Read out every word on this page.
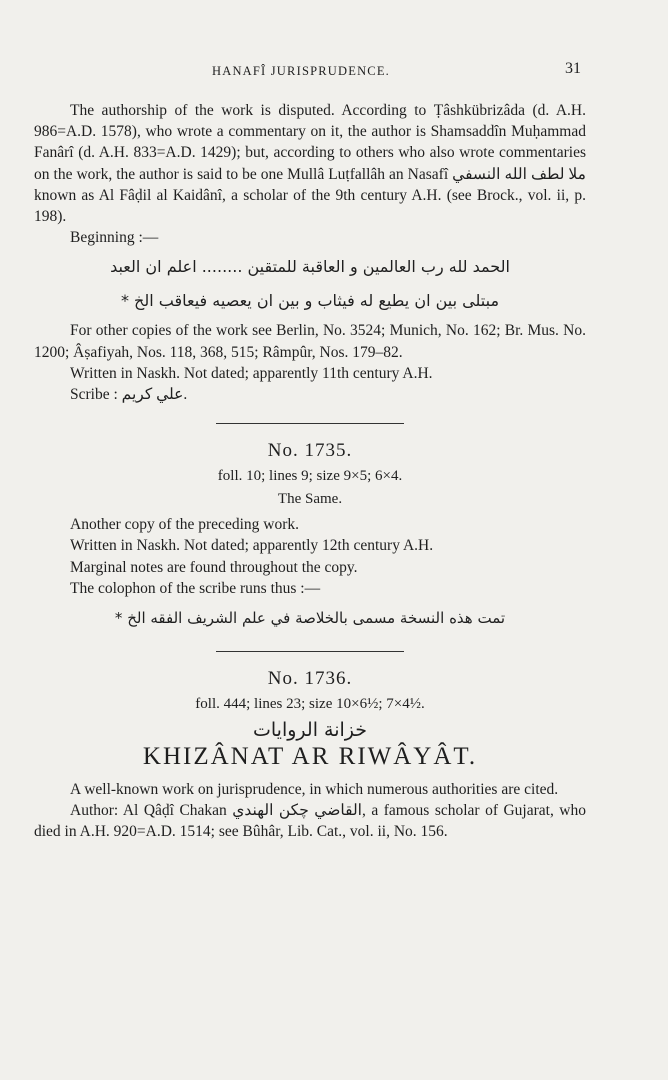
HANAFÎ JURISPRUDENCE.	31

The authorship of the work is disputed. According to Ṭâshkübrizâda (d. A.H. 986=A.D. 1578), who wrote a commentary on it, the author is Shamsaddîn Muḥammad Fanârî (d. A.H. 833=A.D. 1429); but, according to others who also wrote commentaries on the work, the author is said to be one Mullâ Luṭfallâh an Nasafî ملا لطف الله النسفي known as Al Fâḍil al Kaidânî, a scholar of the 9th century A.H. (see Brock., vol. ii, p. 198).

Beginning :—

الحمد لله رب العالمين و العاقبة للمتقين ........ اعلم ان العبد
مبتلى بين ان يطيع له فيثاب و بين ان يعصيه فيعاقب الخ *

For other copies of the work see Berlin, No. 3524; Munich, No. 162; Br. Mus. No. 1200; Âṣafiyah, Nos. 118, 368, 515; Râmpûr, Nos. 179–82.

Written in Naskh. Not dated; apparently 11th century A.H.

Scribe : علي كريم.

No. 1735.
foll. 10; lines 9; size 9×5; 6×4.
The Same.

Another copy of the preceding work.

Written in Naskh. Not dated; apparently 12th century A.H.

Marginal notes are found throughout the copy.

The colophon of the scribe runs thus :—

تمت هذه النسخة مسمى بالخلاصة في علم الشريف الفقه الخ *
No. 1736.
foll. 444; lines 23; size 10×6½; 7×4½.
خزانة الروايات
KHIZÂNAT AR RIWÂYÂT.

A well-known work on jurisprudence, in which numerous authorities are cited.

Author: Al Qâḍî Chakan القاضي چكن الهندي, a famous scholar of Gujarat, who died in A.H. 920=A.D. 1514; see Bûhâr, Lib. Cat., vol. ii, No. 156.
